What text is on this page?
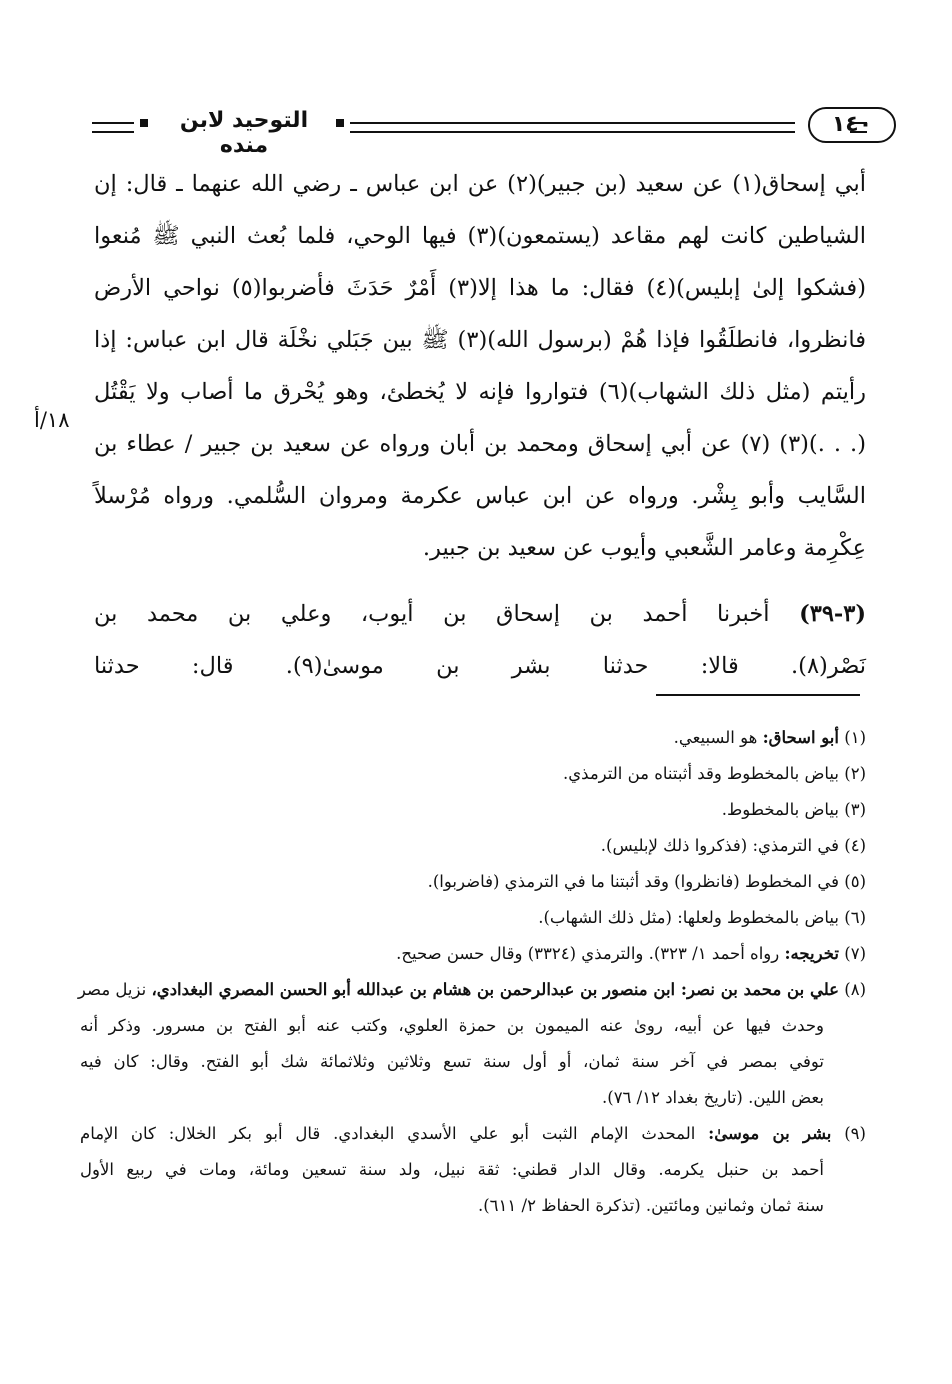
التوحيد لابن منده
١٤٠
١٨/أ
أبي إسحاق(١) عن سعيد (بن جبير)(٢) عن ابن عباس ـ رضي الله عنهما ـ قال: إن
الشياطين كانت لهم مقاعد (يستمعون)(٣) فيها الوحي، فلما بُعث النبي ﷺ مُنعوا
(فشكوا إلىٰ إبليس)(٤) فقال: ما هذا إلا(٣) أَمْرٌ حَدَثَ فأضربوا(٥) نواحي الأرض
فانظروا، فانطلَقُوا فإذا هُمْ (برسول الله)(٣) ﷺ بين جَبَلي نخْلَة قال ابن عباس: إذا
رأيتم (مثل ذلك الشهاب)(٦) فتواروا فإنه لا يُخطئ، وهو يُحْرق ما أصاب ولا يَقْتُل
(. . .)(٣) (٧) عن أبي إسحاق ومحمد بن أبان ورواه عن سعيد بن جبير / عطاء بن
السَّايب وأبو بِشْر. ورواه عن ابن عباس عكرمة ومروان السُّلمي. ورواه مُرْسلاً
عِكْرِمة وعامر الشَّعبي وأيوب عن سعيد بن جبير.
(٣-٣٩) أخبرنا أحمد بن إسحاق بن أيوب، وعلي بن محمد بن
نَصْر(٨). قالا: حدثنا بشر بن موسىٰ(٩). قال: حدثنا
(١) أبو اسحاق: هو السبيعي.
(٢) بياض بالمخطوط وقد أثبتناه من الترمذي.
(٣) بياض بالمخطوط.
(٤) في الترمذي: (فذكروا ذلك لإبليس).
(٥) في المخطوط (فانظروا) وقد أثبتنا ما في الترمذي (فاضربوا).
(٦) بياض بالمخطوط ولعلها: (مثل ذلك الشهاب).
(٧) تخريجه: رواه أحمد ١/ ٣٢٣). والترمذي (٣٣٢٤) وقال حسن صحيح.
(٨) علي بن محمد بن نصر: ابن منصور بن عبدالرحمن بن هشام بن عبدالله أبو الحسن المصري البغدادي، نزيل مصر
وحدث فيها عن أبيه، روىٰ عنه الميمون بن حمزة العلوي، وكتب عنه أبو الفتح بن مسرور. وذكر أنه
توفي بمصر في آخر سنة ثمان، أو أول سنة تسع وثلاثين وثلاثمائة شك أبو الفتح. وقال: كان فيه
بعض اللين. (تاريخ بغداد ١٢/ ٧٦).
(٩) بشر بن موسىٰ: المحدث الإمام الثبت أبو علي الأسدي البغدادي. قال أبو بكر الخلال: كان الإمام
أحمد بن حنبل يكرمه. وقال الدار قطني: ثقة نبيل، ولد سنة تسعين ومائة، ومات في ربيع الأول
سنة ثمان وثمانين ومائتين. (تذكرة الحفاظ ٢/ ٦١١).
